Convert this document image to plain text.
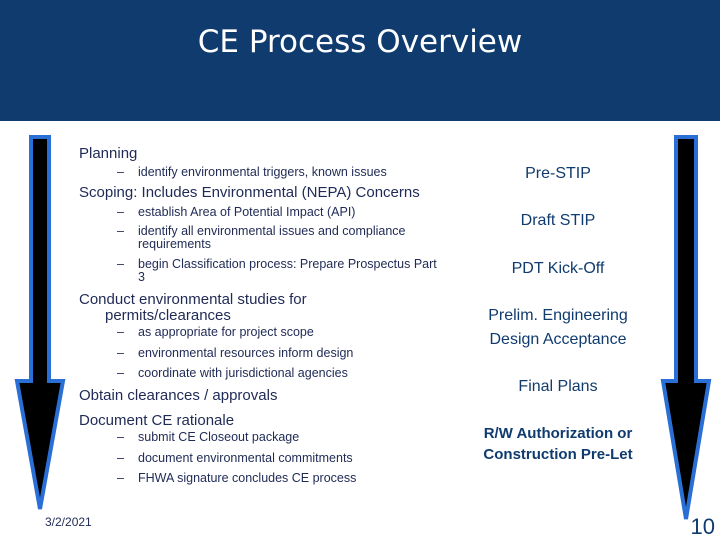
CE Process Overview
Environmental Review Process
Project Development Timeframe
Planning
–	identify environmental triggers, known issues
Scoping: Includes Environmental (NEPA) Concerns
–	establish Area of Potential Impact (API)
–	identify all environmental issues and compliance requirements
–	begin Classification process: Prepare Prospectus Part 3
Conduct environmental studies for permits/clearances
–	as appropriate for project scope
–	environmental resources inform design
–	coordinate with jurisdictional agencies
Obtain clearances / approvals
Document CE rationale
–	submit CE Closeout package
–	document environmental commitments
–	FHWA signature concludes CE process
Pre-STIP
Draft STIP
PDT Kick-Off
Prelim. Engineering Design Acceptance
Final Plans
R/W Authorization or Construction Pre-Let
3/2/2021	10
